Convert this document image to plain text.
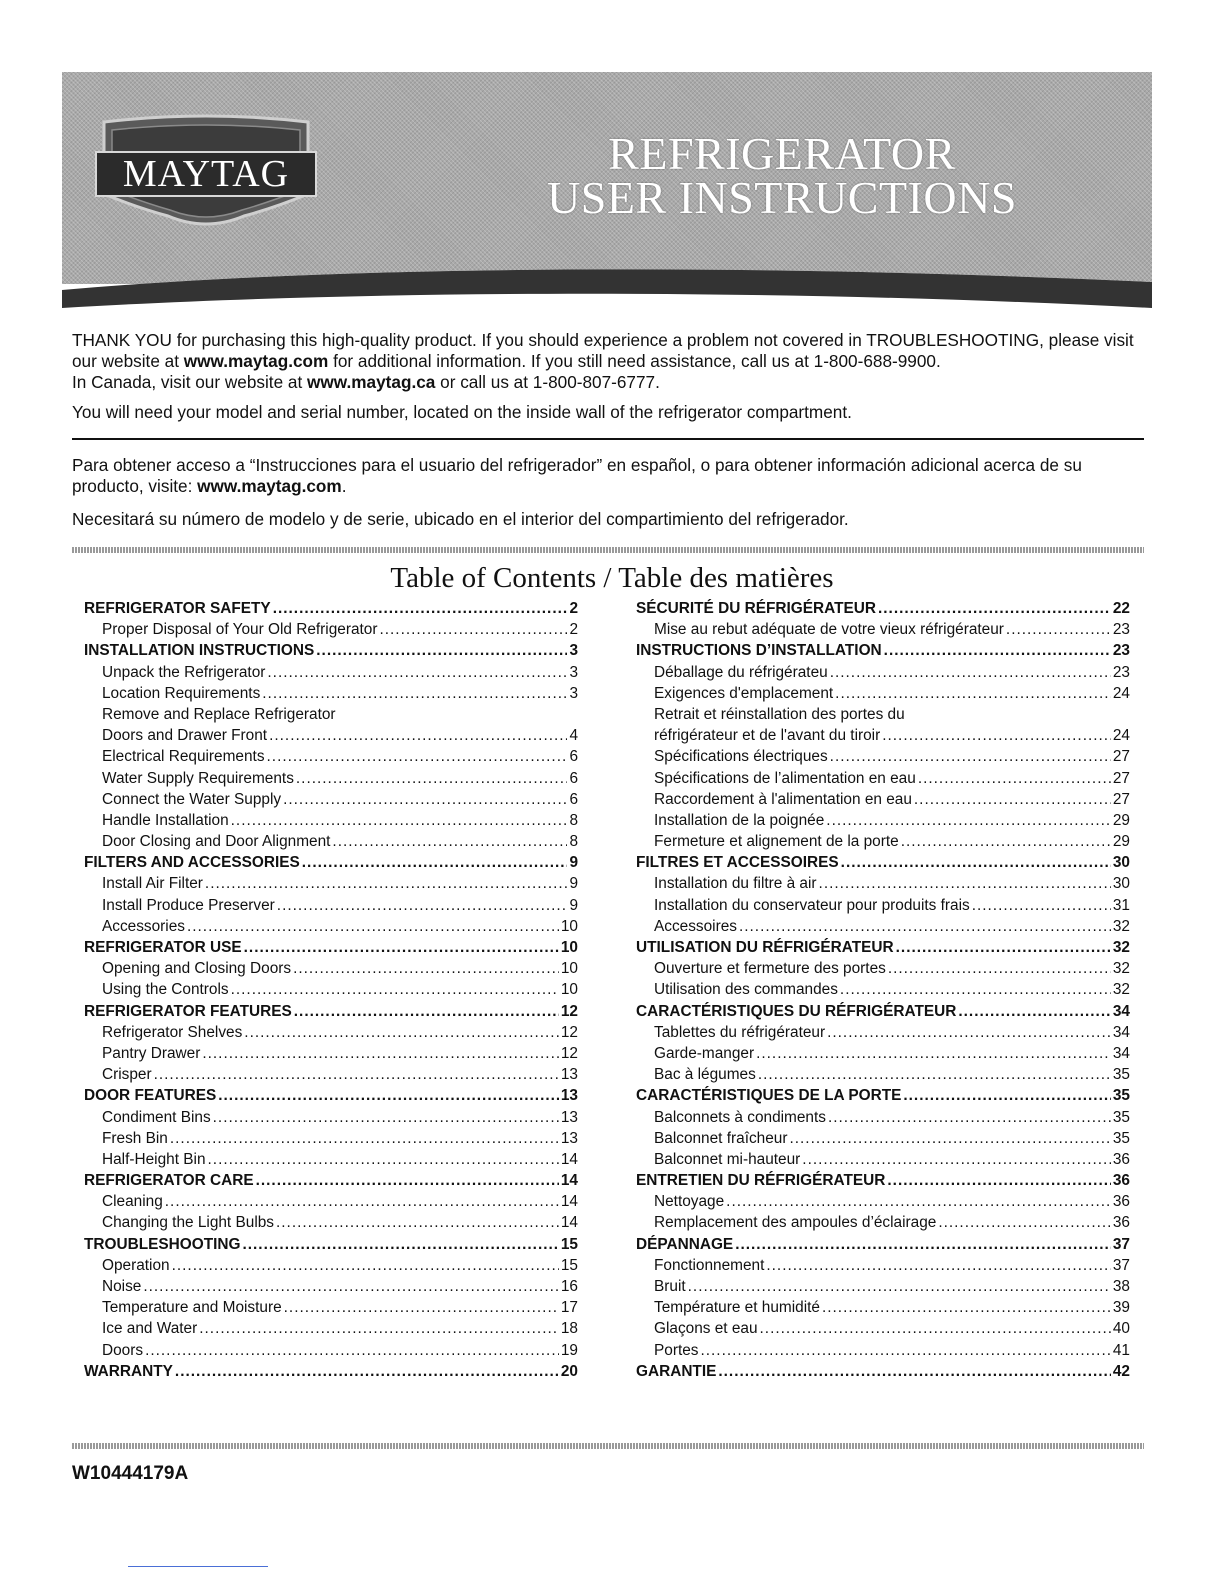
MAYTAG	REFRIGERATOR
USER INSTRUCTIONS
THANK YOU for purchasing this high-quality product. If you should experience a problem not covered in TROUBLESHOOTING, please visit our website at www.maytag.com for additional information. If you still need assistance, call us at 1-800-688-9900.
In Canada, visit our website at www.maytag.ca or call us at 1-800-807-6777.
You will need your model and serial number, located on the inside wall of the refrigerator compartment.
Para obtener acceso a “Instrucciones para el usuario del refrigerador” en español, o para obtener información adicional acerca de su producto, visite: www.maytag.com.
Necesitará su número de modelo y de serie, ubicado en el interior del compartimiento del refrigerador.
Table of Contents / Table des matières
REFRIGERATOR SAFETY .....	2
Proper Disposal of Your Old Refrigerator .....	2
INSTALLATION INSTRUCTIONS .....	3
Unpack the Refrigerator .....	3
Location Requirements .....	3
Remove and Replace Refrigerator
Doors and Drawer Front .....	4
Electrical Requirements .....	6
Water Supply Requirements .....	6
Connect the Water Supply .....	6
Handle Installation .....	8
Door Closing and Door Alignment .....	8
FILTERS AND ACCESSORIES .....	9
Install Air Filter .....	9
Install Produce Preserver .....	9
Accessories .....	10
REFRIGERATOR USE .....	10
Opening and Closing Doors .....	10
Using the Controls .....	10
REFRIGERATOR FEATURES .....	12
Refrigerator Shelves .....	12
Pantry Drawer .....	12
Crisper .....	13
DOOR FEATURES .....	13
Condiment Bins .....	13
Fresh Bin .....	13
Half-Height Bin .....	14
REFRIGERATOR CARE .....	14
Cleaning .....	14
Changing the Light Bulbs .....	14
TROUBLESHOOTING .....	15
Operation .....	15
Noise .....	16
Temperature and Moisture .....	17
Ice and Water .....	18
Doors .....	19
WARRANTY .....	20
SÉCURITÉ DU RÉFRIGÉRATEUR .....	22
Mise au rebut adéquate de votre vieux réfrigérateur .....	23
INSTRUCTIONS D’INSTALLATION .....	23
Déballage du réfrigérateu .....	23
Exigences d'emplacement .....	24
Retrait et réinstallation des portes du
réfrigérateur et de l'avant du tiroir .....	24
Spécifications électriques .....	27
Spécifications de l’alimentation en eau .....	27
Raccordement à l'alimentation en eau .....	27
Installation de la poignée .....	29
Fermeture et alignement de la porte .....	29
FILTRES ET ACCESSOIRES .....	30
Installation du filtre à air .....	30
Installation du conservateur pour produits frais .....	31
Accessoires .....	32
UTILISATION DU RÉFRIGÉRATEUR .....	32
Ouverture et fermeture des portes .....	32
Utilisation des commandes .....	32
CARACTÉRISTIQUES DU RÉFRIGÉRATEUR .....	34
Tablettes du réfrigérateur .....	34
Garde-manger .....	34
Bac à légumes .....	35
CARACTÉRISTIQUES DE LA PORTE .....	35
Balconnets à condiments .....	35
Balconnet fraîcheur .....	35
Balconnet mi-hauteur .....	36
ENTRETIEN DU RÉFRIGÉRATEUR .....	36
Nettoyage .....	36
Remplacement des ampoules d’éclairage .....	36
DÉPANNAGE .....	37
Fonctionnement .....	37
Bruit .....	38
Température et humidité .....	39
Glaçons et eau .....	40
Portes .....	41
GARANTIE .....	42
W10444179A
